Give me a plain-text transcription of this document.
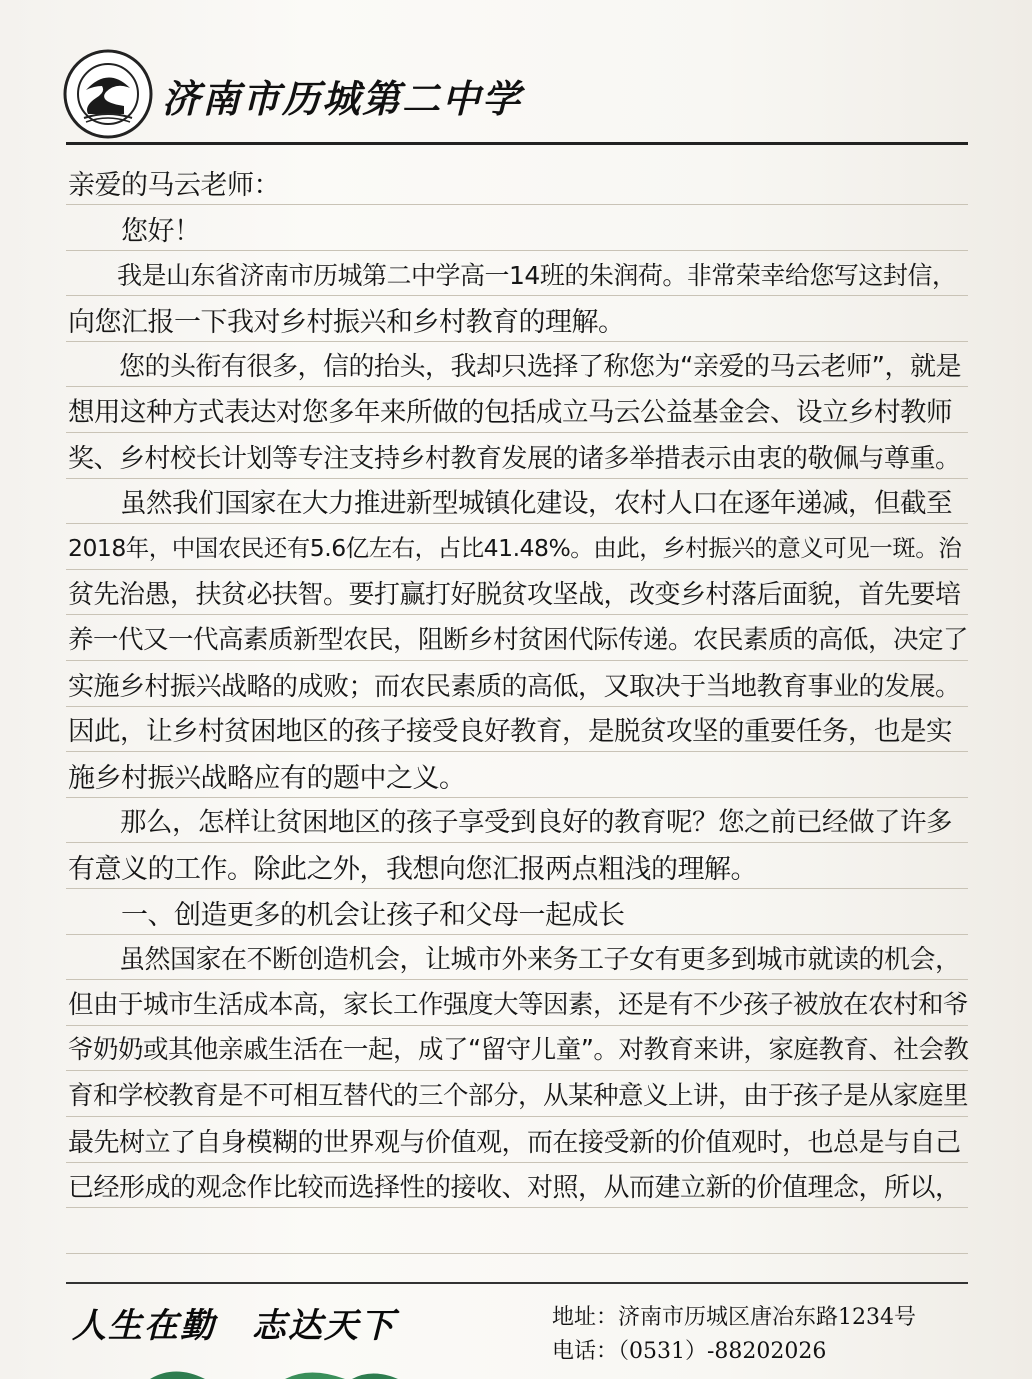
济南市历城第二中学
亲爱的马云老师：
　　您好！
　　我是山东省济南市历城第二中学高一14班的朱润荷。非常荣幸给您写这封信，
向您汇报一下我对乡村振兴和乡村教育的理解。
　　您的头衔有很多，信的抬头，我却只选择了称您为“亲爱的马云老师”，就是
想用这种方式表达对您多年来所做的包括成立马云公益基金会、设立乡村教师
奖、乡村校长计划等专注支持乡村教育发展的诸多举措表示由衷的敬佩与尊重。
　　虽然我们国家在大力推进新型城镇化建设，农村人口在逐年递减，但截至
2018年，中国农民还有5.6亿左右，占比41.48%。由此，乡村振兴的意义可见一斑。治
贫先治愚，扶贫必扶智。要打赢打好脱贫攻坚战，改变乡村落后面貌，首先要培
养一代又一代高素质新型农民，阻断乡村贫困代际传递。农民素质的高低，决定了
实施乡村振兴战略的成败；而农民素质的高低，又取决于当地教育事业的发展。
因此，让乡村贫困地区的孩子接受良好教育，是脱贫攻坚的重要任务，也是实
施乡村振兴战略应有的题中之义。
　　那么，怎样让贫困地区的孩子享受到良好的教育呢？您之前已经做了许多
有意义的工作。除此之外，我想向您汇报两点粗浅的理解。
　　一、创造更多的机会让孩子和父母一起成长
　　虽然国家在不断创造机会，让城市外来务工子女有更多到城市就读的机会，
但由于城市生活成本高，家长工作强度大等因素，还是有不少孩子被放在农村和爷
爷奶奶或其他亲戚生活在一起，成了“留守儿童”。对教育来讲，家庭教育、社会教
育和学校教育是不可相互替代的三个部分，从某种意义上讲，由于孩子是从家庭里
最先树立了自身模糊的世界观与价值观，而在接受新的价值观时，也总是与自己
已经形成的观念作比较而选择性的接收、对照，从而建立新的价值理念，所以，
人生在勤　志达天下	地址：济南市历城区唐冶东路1234号
电话：（0531）-88202026
